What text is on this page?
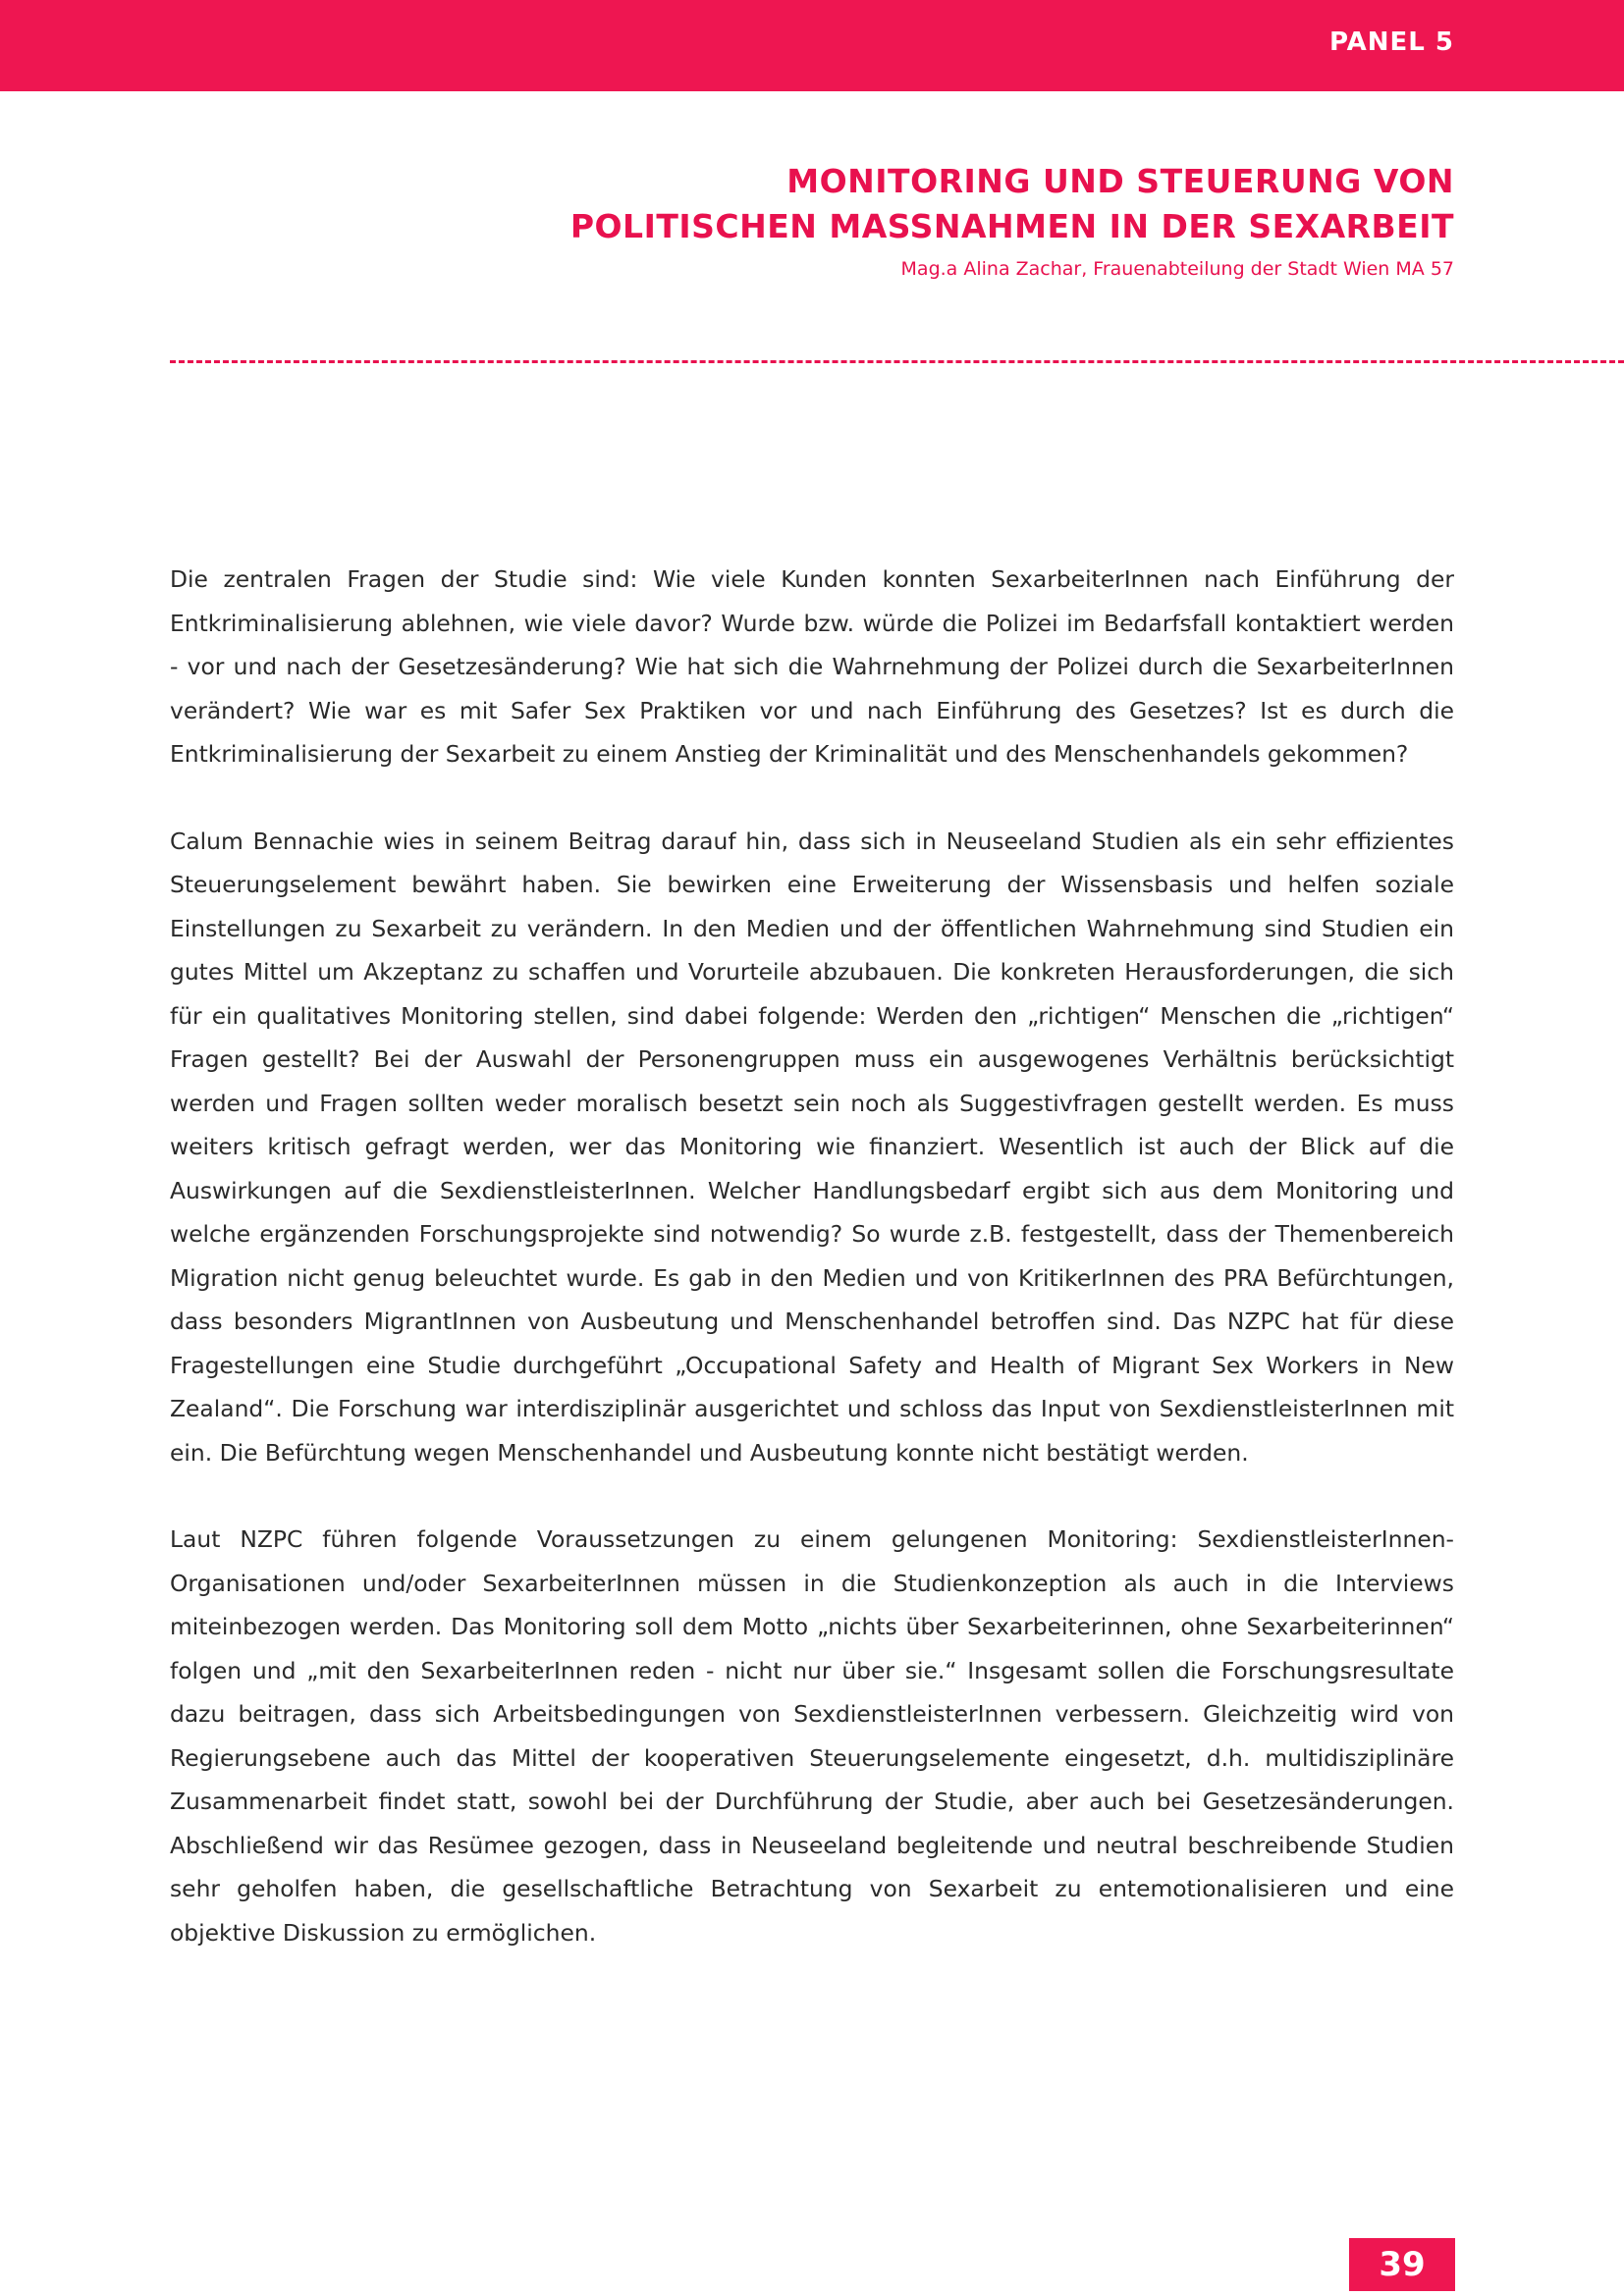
PANEL 5

MONITORING UND STEUERUNG VON
POLITISCHEN MASSNAHMEN IN DER SEXARBEIT

Mag.a Alina Zachar, Frauenabteilung der Stadt Wien MA 57

Die zentralen Fragen der Studie sind: Wie viele Kunden konnten SexarbeiterInnen nach Einführung der Entkriminalisierung ablehnen, wie viele davor? Wurde bzw. würde die Polizei im Bedarfsfall kontaktiert werden - vor und nach der Gesetzesänderung? Wie hat sich die Wahrnehmung der Polizei durch die SexarbeiterInnen verändert? Wie war es mit Safer Sex Praktiken vor und nach Einführung des Gesetzes? Ist es durch die Entkriminalisierung der Sexarbeit zu einem Anstieg der Kriminalität und des Menschenhandels gekommen?

Calum Bennachie wies in seinem Beitrag darauf hin, dass sich in Neuseeland Studien als ein sehr effizientes Steuerungselement bewährt haben. Sie bewirken eine Erweiterung der Wissensbasis und helfen soziale Einstellungen zu Sexarbeit zu verändern. In den Medien und der öffentlichen Wahrnehmung sind Studien ein gutes Mittel um Akzeptanz zu schaffen und Vorurteile abzubauen. Die konkreten Herausforderungen, die sich für ein qualitatives Monitoring stellen, sind dabei folgende: Werden den „richtigen“ Menschen die „richtigen“ Fragen gestellt? Bei der Auswahl der Personengruppen muss ein ausgewogenes Verhältnis berücksichtigt werden und Fragen sollten weder moralisch besetzt sein noch als Suggestivfragen gestellt werden. Es muss weiters kritisch gefragt werden, wer das Monitoring wie finanziert. Wesentlich ist auch der Blick auf die Auswirkungen auf die SexdienstleisterInnen. Welcher Handlungsbedarf ergibt sich aus dem Monitoring und welche ergänzenden Forschungsprojekte sind notwendig? So wurde z.B. festgestellt, dass der Themenbereich Migration nicht genug beleuchtet wurde. Es gab in den Medien und von KritikerInnen des PRA Befürchtungen, dass besonders MigrantInnen von Ausbeutung und Menschenhandel betroffen sind. Das NZPC hat für diese Fragestellungen eine Studie durchgeführt „Occupational Safety and Health of Migrant Sex Workers in New Zealand“. Die Forschung war interdisziplinär ausgerichtet und schloss das Input von SexdienstleisterInnen mit ein. Die Befürchtung wegen Menschenhandel und Ausbeutung konnte nicht bestätigt werden.

Laut NZPC führen folgende Voraussetzungen zu einem gelungenen Monitoring: SexdienstleisterInnen-Organisationen und/oder SexarbeiterInnen müssen in die Studienkonzeption als auch in die Interviews miteinbezogen werden. Das Monitoring soll dem Motto „nichts über Sexarbeiterinnen, ohne Sexarbeiterinnen“ folgen und „mit den SexarbeiterInnen reden - nicht nur über sie.“ Insgesamt sollen die Forschungsresultate dazu beitragen, dass sich Arbeitsbedingungen von SexdienstleisterInnen verbessern. Gleichzeitig wird von Regierungsebene auch das Mittel der kooperativen Steuerungselemente eingesetzt, d.h. multidisziplinäre Zusammenarbeit findet statt, sowohl bei der Durchführung der Studie, aber auch bei Gesetzesänderungen. Abschließend wir das Resümee gezogen, dass in Neuseeland begleitende und neutral beschreibende Studien sehr geholfen haben, die gesellschaftliche Betrachtung von Sexarbeit zu entemotionalisieren und eine objektive Diskussion zu ermöglichen.

39
